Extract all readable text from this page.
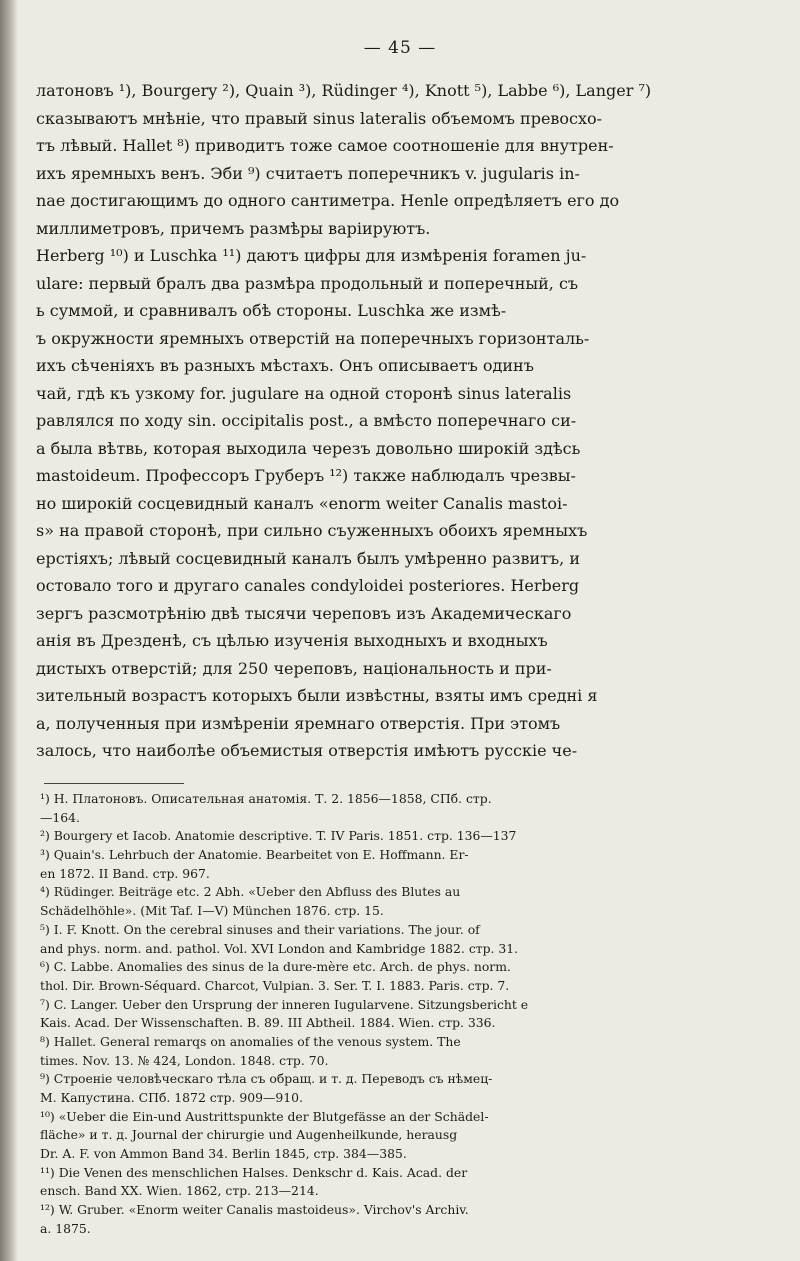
— 45 —
латоновъ ¹), Bourgery ²), Quain ³), Rüdinger ⁴), Knott ⁵), Labbe ⁶), Langer ⁷)
сказываютъ мнѣніе, что правый sinus lateralis объемомъ превосхо-
тъ лѣвый. Hallet ⁸) приводитъ тоже самое соотношеніе для внутрен-
ихъ яремныхъ венъ. Эби ⁹) считаетъ поперечникъ v. jugularis in-
nae достигающимъ до одного сантиметра. Henle опредѣляетъ его до
миллиметровъ, причемъ размѣры варіируютъ.
Herberg ¹⁰) и Luschka ¹¹) даютъ цифры для измѣренія foramen ju-
ulare: первый бралъ два размѣра продольный и поперечный, съ
ь суммой, и сравнивалъ обѣ стороны. Luschka же измѣ-
ъ окружности яремныхъ отверстій на поперечныхъ горизонталь-
ихъ сѣченіяхъ въ разныхъ мѣстахъ. Онъ описываетъ одинъ
чай, гдѣ къ узкому for. jugulare на одной сторонѣ sinus lateralis
равлялся по ходу sin. occipitalis post., а вмѣсто поперечнаго си-
а была вѣтвь, которая выходила черезъ довольно широкій здѣсь
mastoideum. Профессоръ Груберъ ¹²) также наблюдалъ чрезвы-
но широкій сосцевидный каналъ «enorm weiter Canalis mastoi-
s» на правой сторонѣ, при сильно съуженныхъ обоихъ яремныхъ
ерстіяхъ; лѣвый сосцевидный каналъ былъ умѣренно развитъ, и
остовало того и другаго canales condyloidei posteriores. Herberg
зергъ разсмотрѣнію двѣ тысячи череповъ изъ Академическаго
анія въ Дрезденѣ, съ цѣлью изученія выходныхъ и входныхъ
дистыхъ отверстій; для 250 череповъ, національность и при-
зительный возрастъ которыхъ были извѣстны, взяты имъ средні я
а, полученныя при измѣреніи яремнаго отверстія. При этомъ
залось, что наиболѣе объемистыя отверстія имѣютъ русскіе че-
¹) Н. Платоновъ. Описательная анатомія. Т. 2. 1856—1858, СПб. стр.
—164.
²) Bourgery et Iacob. Anatomie descriptive. T. IV Paris. 1851. стр. 136—137
³) Quain's. Lehrbuch der Anatomie. Bearbeitet von E. Hoffmann. Er-
en 1872. II Band. стр. 967.
⁴) Rüdinger. Beiträge etc. 2 Abh. «Ueber den Abfluss des Blutes au
Schädelhöhle». (Mit Taf. I—V) München 1876. стр. 15.
⁵) I. F. Knott. On the cerebral sinuses and their variations. The jour. of
and phys. norm. and. pathol. Vol. XVI London and Kambridge 1882. стр. 31.
⁶) C. Labbe. Anomalies des sinus de la dure-mère etc. Arch. de phys. norm.
thol. Dir. Brown-Séquard. Charcot, Vulpian. 3. Ser. T. I. 1883. Paris. стр. 7.
⁷) C. Langer. Ueber den Ursprung der inneren Iugularvene. Sitzungsbericht e
Kais. Acad. Der Wissenschaften. B. 89. III Abtheil. 1884. Wien. стр. 336.
⁸) Hallet. General remarqs on anomalies of the venous system. The
times. Nov. 13. № 424, London. 1848. стр. 70.
⁹) Строеніе человѣческаго тѣла съ обращ. и т. д. Переводъ съ нѣмец-
М. Капустина. СПб. 1872 стр. 909—910.
¹⁰) «Ueber die Ein-und Austrittspunkte der Blutgefässe an der Schädel-
fläche» и т. д. Journal der chirurgie und Augenheilkunde, herausg
Dr. A. F. von Ammon Band 34. Berlin 1845, стр. 384—385.
¹¹) Die Venen des menschlichen Halses. Denkschr d. Kais. Acad. der
ensch. Band XX. Wien. 1862, стр. 213—214.
¹²) W. Gruber. «Enorm weiter Canalis mastoideus». Virchov's Archiv.
a. 1875.
